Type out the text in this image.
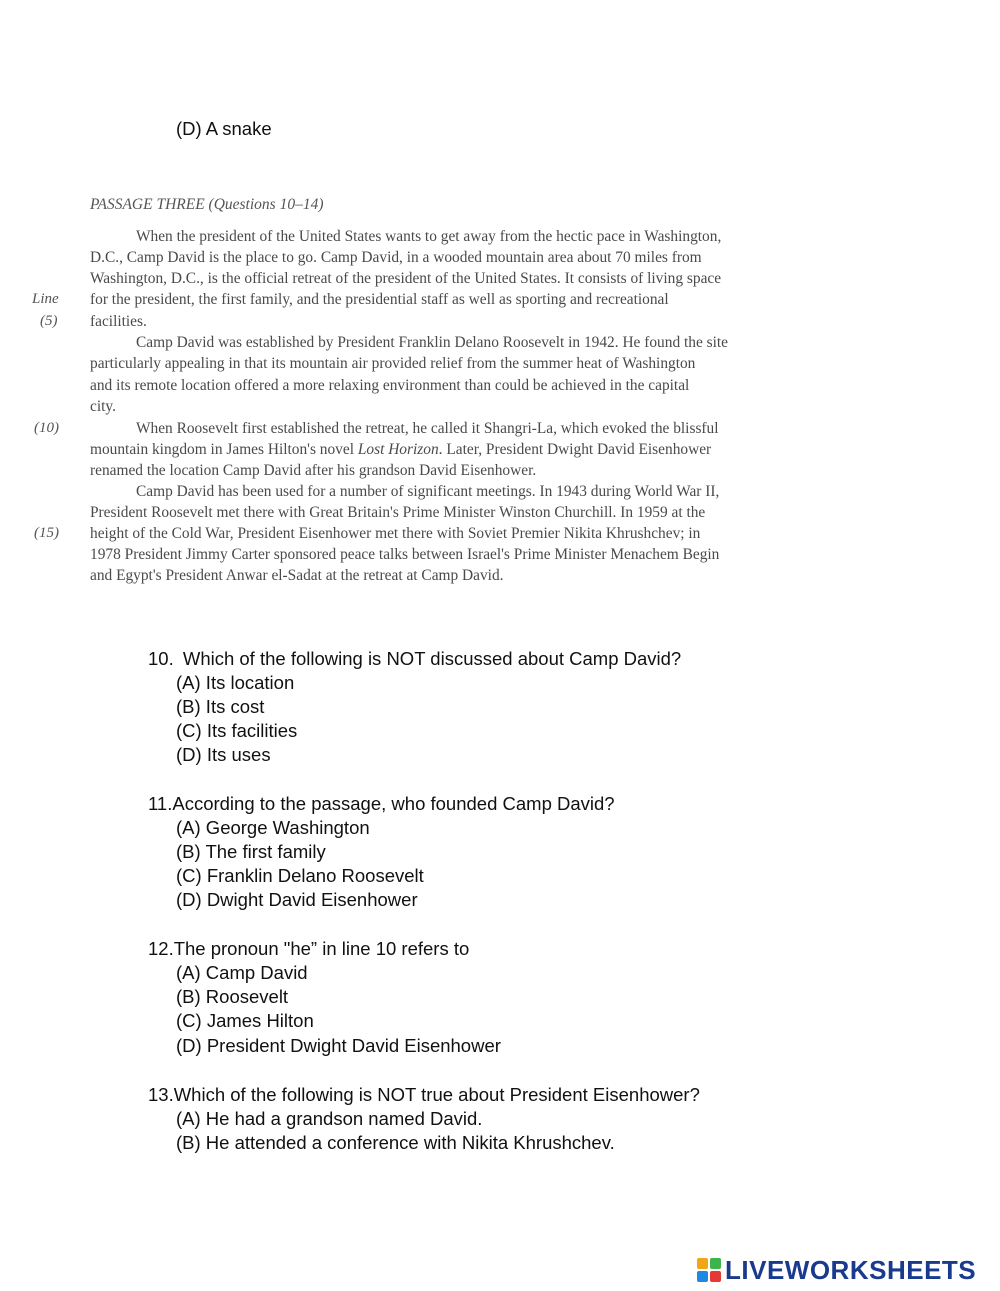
(D) A snake
PASSAGE THREE (Questions 10–14)
When the president of the United States wants to get away from the hectic pace in Washington,
D.C., Camp David is the place to go. Camp David, in a wooded mountain area about 70 miles from
Washington, D.C., is the official retreat of the president of the United States. It consists of living space
for the president, the first family, and the presidential staff as well as sporting and recreational
facilities.
Camp David was established by President Franklin Delano Roosevelt in 1942. He found the site
particularly appealing in that its mountain air provided relief from the summer heat of Washington
and its remote location offered a more relaxing environment than could be achieved in the capital
city.
When Roosevelt first established the retreat, he called it Shangri-La, which evoked the blissful
mountain kingdom in James Hilton's novel Lost Horizon. Later, President Dwight David Eisenhower
renamed the location Camp David after his grandson David Eisenhower.
Camp David has been used for a number of significant meetings. In 1943 during World War II,
President Roosevelt met there with Great Britain's Prime Minister Winston Churchill. In 1959 at the
height of the Cold War, President Eisenhower met there with Soviet Premier Nikita Khrushchev; in
1978 President Jimmy Carter sponsored peace talks between Israel's Prime Minister Menachem Begin
and Egypt's President Anwar el-Sadat at the retreat at Camp David.
Line
(5)
(10)
(15)
10. Which of the following is NOT discussed about Camp David?
(A) Its location
(B) Its cost
(C) Its facilities
(D) Its uses
11.According to the passage, who founded Camp David?
(A) George Washington
(B) The first family
(C) Franklin Delano Roosevelt
(D) Dwight David Eisenhower
12.The pronoun "he” in line 10 refers to
(A) Camp David
(B) Roosevelt
(C) James Hilton
(D) President Dwight David Eisenhower
13.Which of the following is NOT true about President Eisenhower?
(A) He had a grandson named David.
(B) He attended a conference with Nikita Khrushchev.
LIVEWORKSHEETS
